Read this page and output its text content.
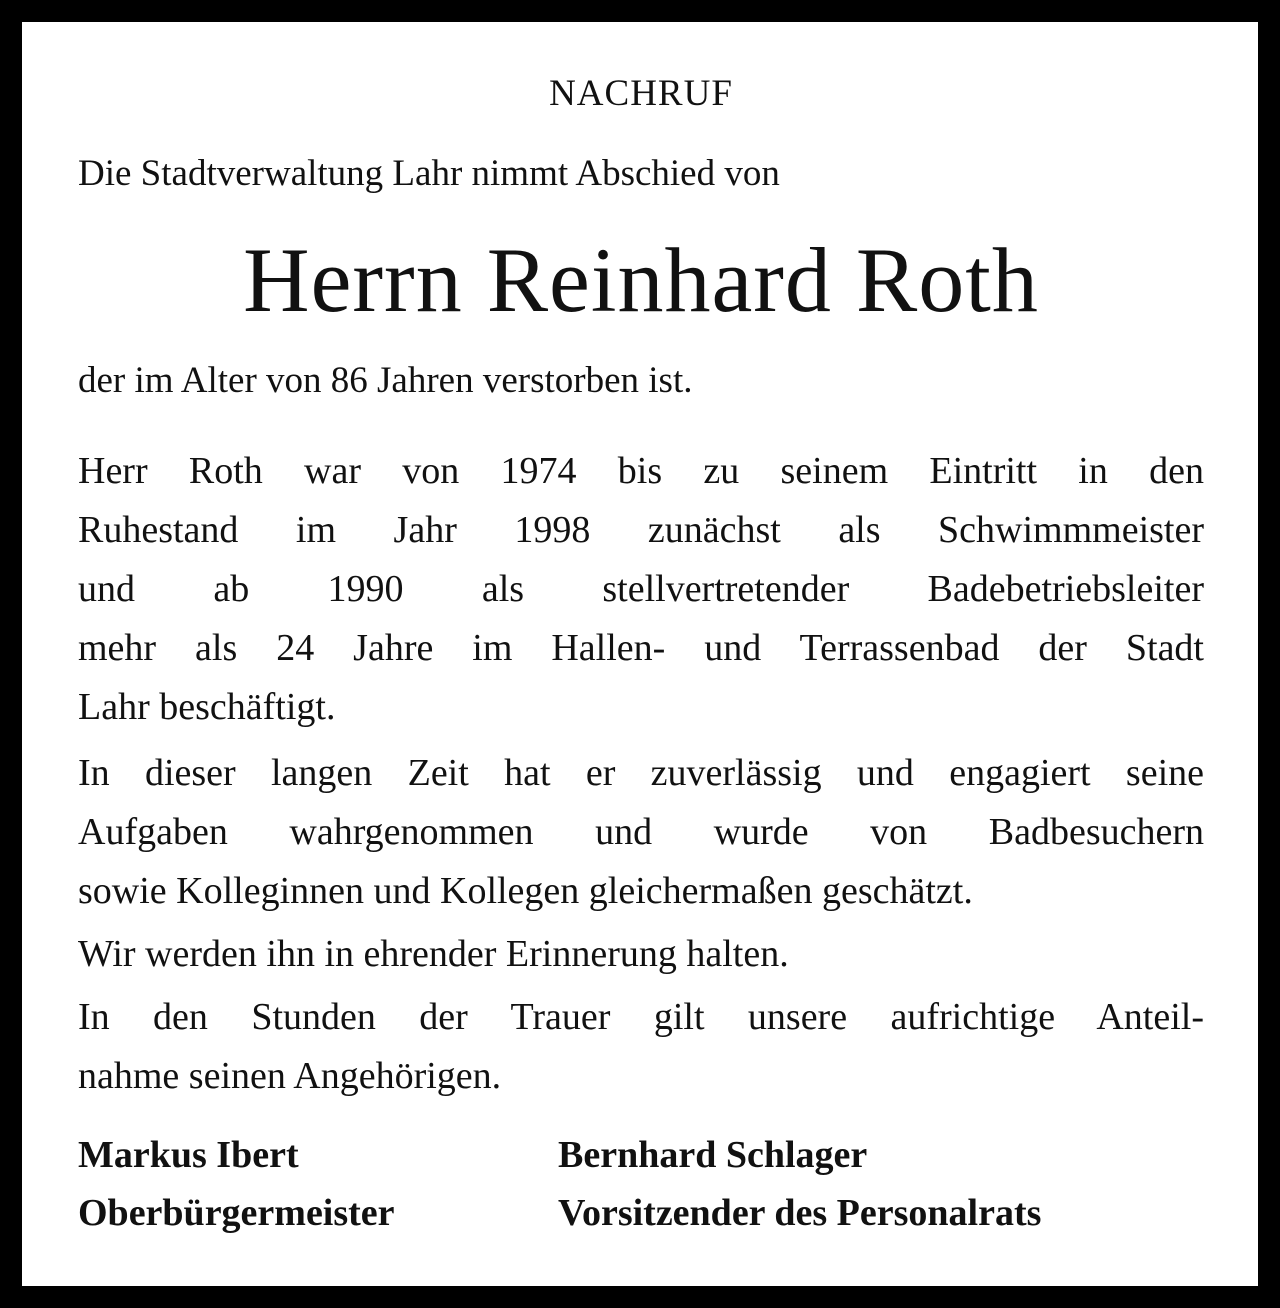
NACHRUF
Die Stadtverwaltung Lahr nimmt Abschied von
Herrn Reinhard Roth
der im Alter von 86 Jahren verstorben ist.
Herr Roth war von 1974 bis zu seinem Eintritt in den
Ruhestand im Jahr 1998 zunächst als Schwimmmeister
und ab 1990 als stellvertretender Badebetriebsleiter
mehr als 24 Jahre im Hallen- und Terrassenbad der Stadt
Lahr beschäftigt.
In dieser langen Zeit hat er zuverlässig und engagiert seine
Aufgaben wahrgenommen und wurde von Badbesuchern
sowie Kolleginnen und Kollegen gleichermaßen geschätzt.
Wir werden ihn in ehrender Erinnerung halten.
In den Stunden der Trauer gilt unsere aufrichtige Anteil-
nahme seinen Angehörigen.
Markus Ibert
Oberbürgermeister
Bernhard Schlager
Vorsitzender des Personalrats
